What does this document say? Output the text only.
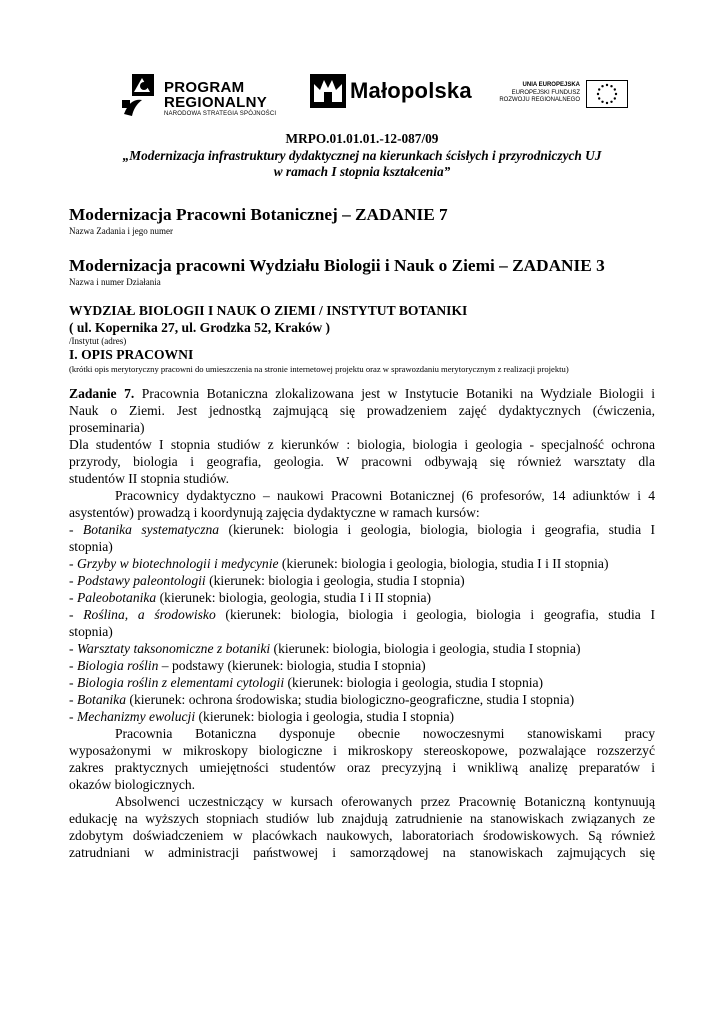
PROGRAM
REGIONALNY
NARODOWA STRATEGIA SPÓJNOŚCI
Małopolska	UNIA EUROPEJSKA
EUROPEJSKI FUNDUSZ
ROZWOJU REGIONALNEGO
MRPO.01.01.01.-12-087/09
„Modernizacja infrastruktury dydaktycznej na kierunkach ścisłych i przyrodniczych UJ
w ramach I stopnia kształcenia”
Modernizacja Pracowni Botanicznej – ZADANIE 7
Nazwa Zadania i jego numer
Modernizacja pracowni Wydziału Biologii i Nauk o Ziemi – ZADANIE 3
Nazwa i numer Działania
WYDZIAŁ BIOLOGII I NAUK O ZIEMI / INSTYTUT BOTANIKI
( ul. Kopernika 27, ul. Grodzka 52, Kraków )
/Instytut (adres)
I. OPIS PRACOWNI
(krótki opis merytoryczny pracowni do umieszczenia na stronie internetowej projektu oraz w sprawozdaniu merytorycznym z realizacji projektu)
Zadanie 7. Pracownia Botaniczna zlokalizowana jest w Instytucie Botaniki na Wydziale Biologii i
Nauk o Ziemi. Jest jednostką zajmującą się prowadzeniem zajęć dydaktycznych (ćwiczenia,
proseminaria)
Dla studentów I stopnia studiów z kierunków : biologia, biologia i geologia - specjalność ochrona
przyrody, biologia i geografia, geologia. W pracowni odbywają się również warsztaty dla
studentów II stopnia studiów.
Pracownicy dydaktyczno – naukowi Pracowni Botanicznej (6 profesorów, 14 adiunktów i 4
asystentów) prowadzą i koordynują zajęcia dydaktyczne w ramach kursów:
- Botanika systematyczna (kierunek: biologia i geologia, biologia, biologia i geografia, studia I
stopnia)
- Grzyby w biotechnologii i medycynie (kierunek: biologia i geologia, biologia, studia I i II stopnia)
- Podstawy paleontologii (kierunek: biologia i geologia, studia I stopnia)
- Paleobotanika (kierunek: biologia, geologia, studia I i II stopnia)
- Roślina, a środowisko (kierunek: biologia, biologia i geologia, biologia i geografia, studia I
stopnia)
- Warsztaty taksonomiczne z botaniki (kierunek: biologia, biologia i geologia, studia I stopnia)
- Biologia roślin – podstawy (kierunek: biologia, studia I stopnia)
- Biologia roślin z elementami cytologii (kierunek: biologia i geologia, studia I stopnia)
- Botanika (kierunek: ochrona środowiska; studia biologiczno-geograficzne, studia I stopnia)
- Mechanizmy ewolucji (kierunek: biologia i geologia, studia I stopnia)
Pracownia Botaniczna dysponuje obecnie nowoczesnymi stanowiskami pracy
wyposażonymi w mikroskopy biologiczne i mikroskopy stereoskopowe, pozwalające rozszerzyć
zakres praktycznych umiejętności studentów oraz precyzyjną i wnikliwą analizę preparatów i
okazów biologicznych.
Absolwenci uczestniczący w kursach oferowanych przez Pracownię Botaniczną kontynuują
edukację na wyższych stopniach studiów lub znajdują zatrudnienie na stanowiskach związanych ze
zdobytym doświadczeniem w placówkach naukowych, laboratoriach środowiskowych. Są również
zatrudniani w administracji państwowej i samorządowej na stanowiskach zajmujących się
